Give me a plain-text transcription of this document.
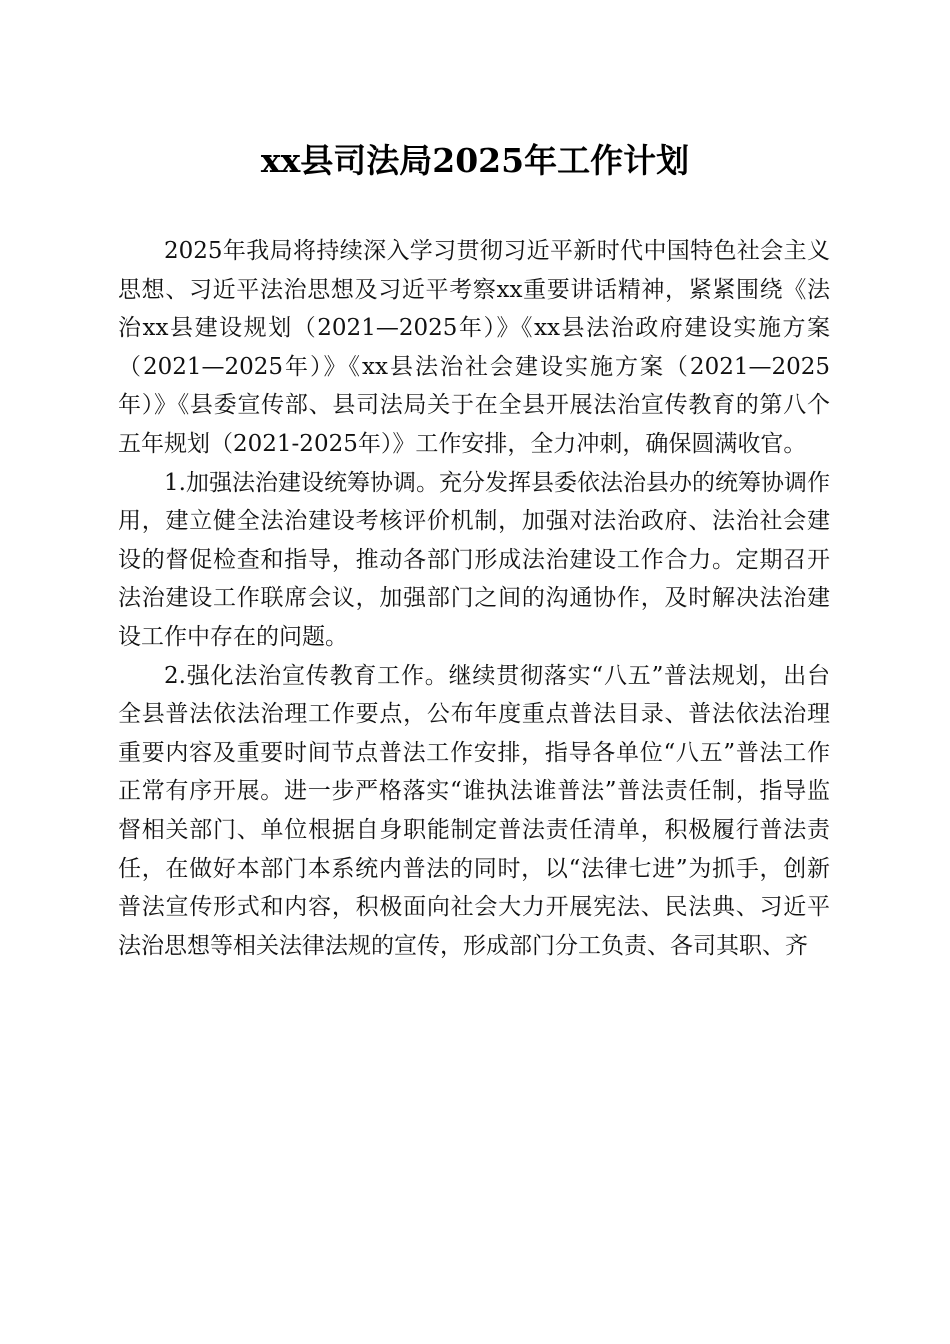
xx县司法局2025年工作计划

2025年我局将持续深入学习贯彻习近平新时代中国特色社会主义思想、习近平法治思想及习近平考察xx重要讲话精神，紧紧围绕《法治xx县建设规划（2021—2025年）》《xx县法治政府建设实施方案（2021—2025年）》《xx县法治社会建设实施方案（2021—2025年）》《县委宣传部、县司法局关于在全县开展法治宣传教育的第八个五年规划（2021-2025年）》工作安排，全力冲刺，确保圆满收官。

1.加强法治建设统筹协调。充分发挥县委依法治县办的统筹协调作用，建立健全法治建设考核评价机制，加强对法治政府、法治社会建设的督促检查和指导，推动各部门形成法治建设工作合力。定期召开法治建设工作联席会议，加强部门之间的沟通协作，及时解决法治建设工作中存在的问题。

2.强化法治宣传教育工作。继续贯彻落实“八五”普法规划，出台全县普法依法治理工作要点，公布年度重点普法目录、普法依法治理重要内容及重要时间节点普法工作安排，指导各单位“八五”普法工作正常有序开展。进一步严格落实“谁执法谁普法”普法责任制，指导监督相关部门、单位根据自身职能制定普法责任清单，积极履行普法责任，在做好本部门本系统内普法的同时，以“法律七进”为抓手，创新普法宣传形式和内容，积极面向社会大力开展宪法、民法典、习近平法治思想等相关法律法规的宣传，形成部门分工负责、各司其职、齐
